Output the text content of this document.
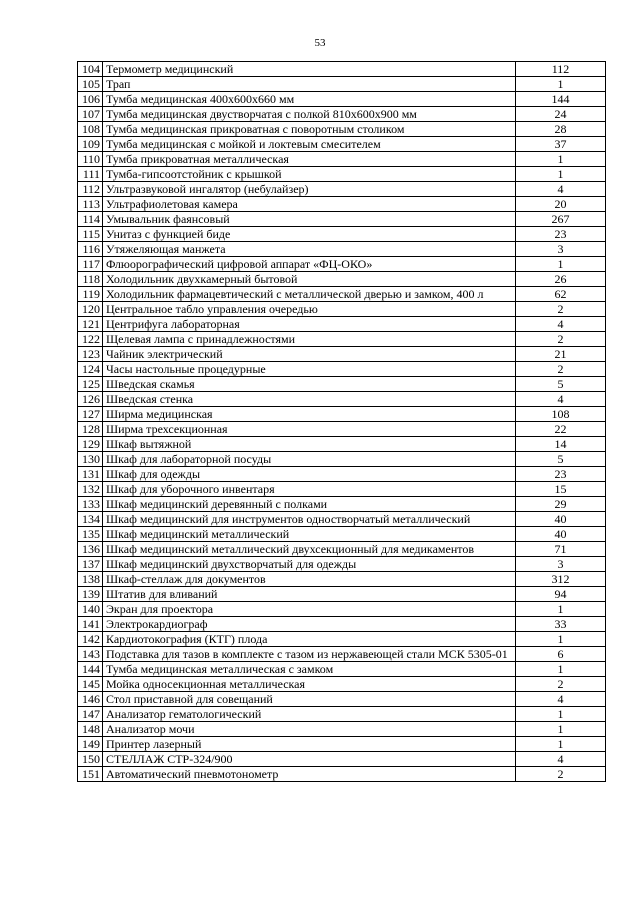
53
104	Термометр медицинский	112
105	Трап	1
106	Тумба медицинская 400х600х660 мм	144
107	Тумба медицинская двустворчатая с полкой 810х600х900 мм	24
108	Тумба медицинская прикроватная с поворотным столиком	28
109	Тумба медицинская с мойкой и локтевым смесителем	37
110	Тумба прикроватная металлическая	1
111	Тумба-гипсоотстойник с крышкой	1
112	Ультразвуковой ингалятор (небулайзер)	4
113	Ультрафиолетовая камера	20
114	Умывальник фаянсовый	267
115	Унитаз с функцией биде	23
116	Утяжеляющая манжета	3
117	Флюорографический цифровой аппарат «ФЦ-ОКО»	1
118	Холодильник двухкамерный бытовой	26
119	Холодильник фармацевтический с металлической дверью и замком, 400 л	62
120	Центральное табло управления очередью	2
121	Центрифуга лабораторная	4
122	Щелевая лампа с принадлежностями	2
123	Чайник электрический	21
124	Часы настольные процедурные	2
125	Шведская скамья	5
126	Шведская стенка	4
127	Ширма медицинская	108
128	Ширма трехсекционная	22
129	Шкаф вытяжной	14
130	Шкаф для лабораторной посуды	5
131	Шкаф для одежды	23
132	Шкаф для уборочного инвентаря	15
133	Шкаф медицинский деревянный с полками	29
134	Шкаф медицинский для инструментов одностворчатый металлический	40
135	Шкаф медицинский металлический	40
136	Шкаф медицинский металлический двухсекционный для медикаментов	71
137	Шкаф медицинский двухстворчатый для одежды	3
138	Шкаф-стеллаж для документов	312
139	Штатив для вливаний	94
140	Экран для проектора	1
141	Электрокардиограф	33
142	Кардиотокография (КТГ) плода	1
143	Подставка для тазов в комплекте с тазом из нержавеющей стали МСК 5305-01	6
144	Тумба медицинская металлическая с замком	1
145	Мойка односекционная металлическая	2
146	Стол приставной для совещаний	4
147	Анализатор гематологический	1
148	Анализатор мочи	1
149	Принтер лазерный	1
150	СТЕЛЛАЖ СТР-324/900	4
151	Автоматический пневмотонометр	2
